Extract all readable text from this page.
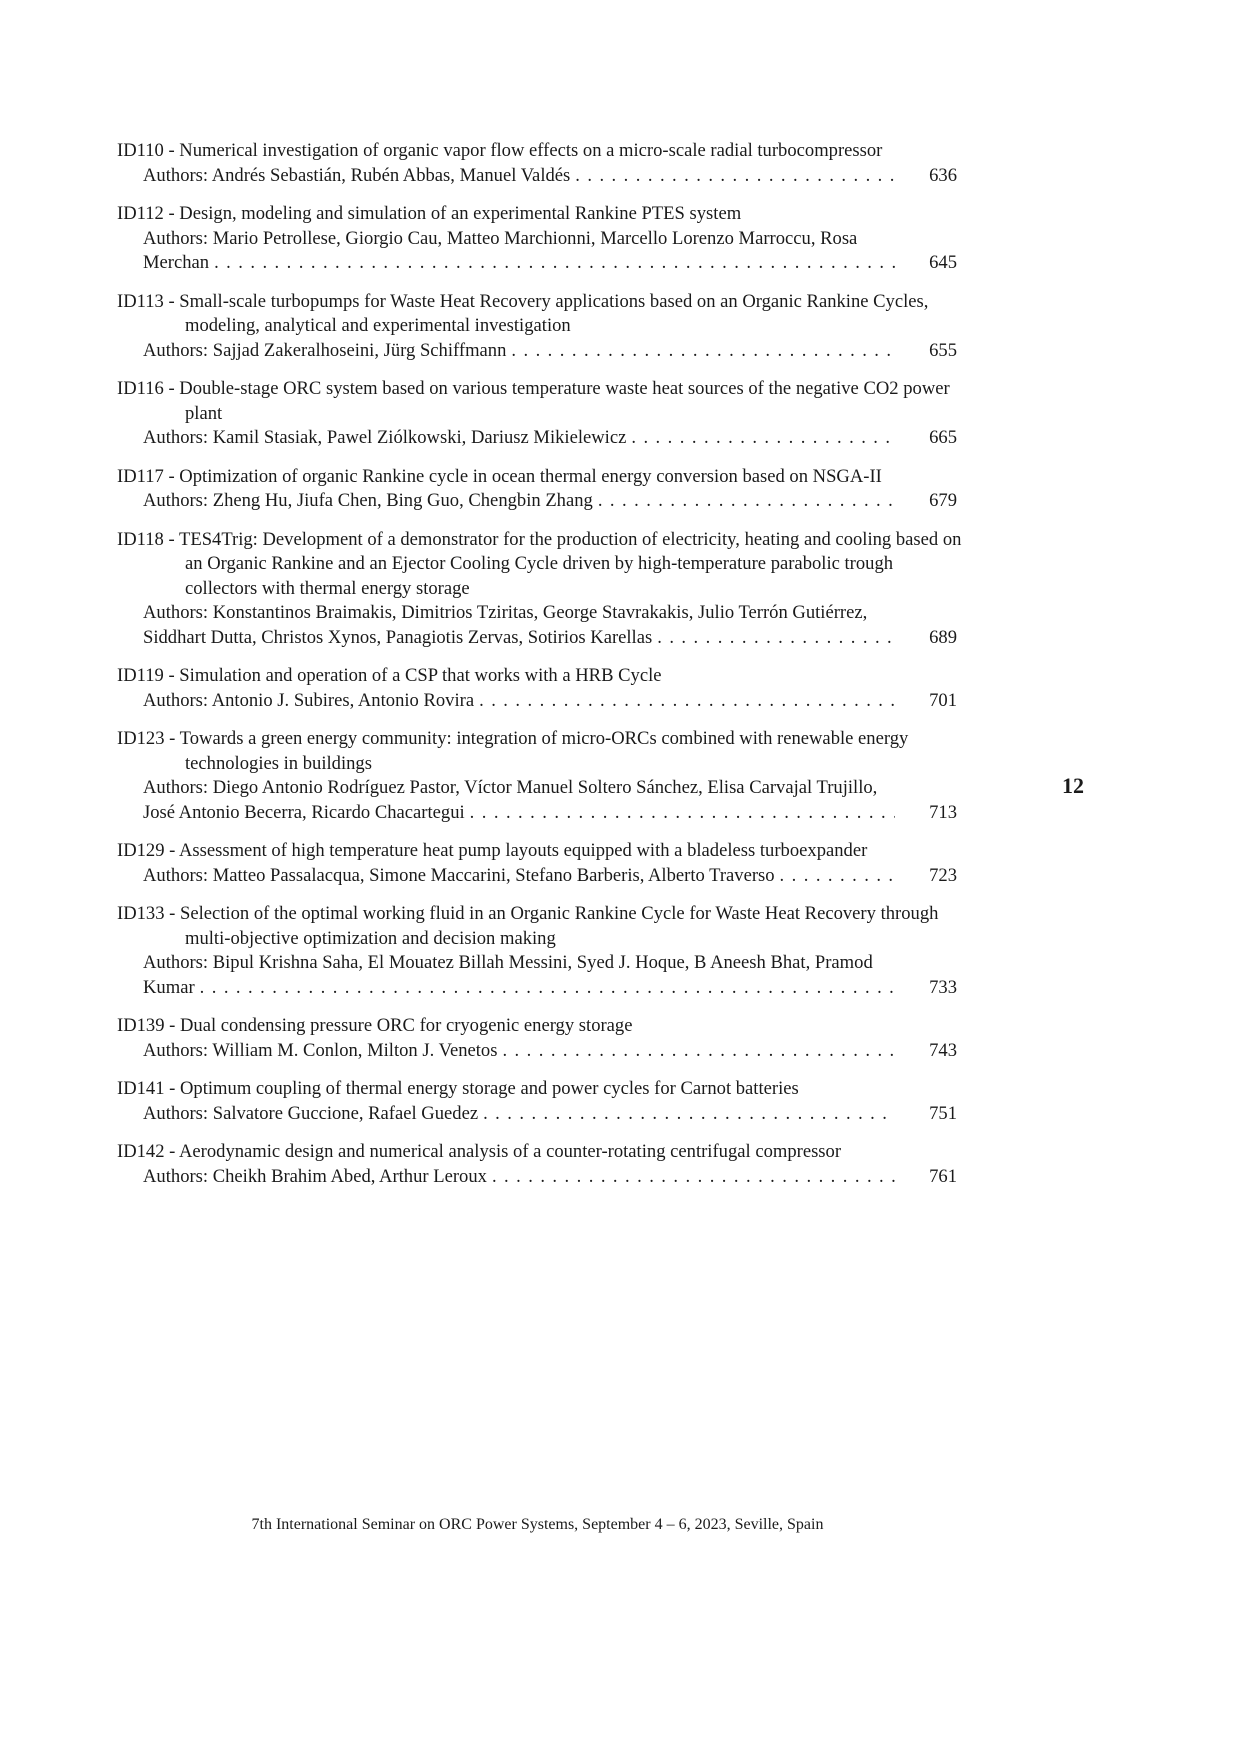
ID110 - Numerical investigation of organic vapor flow effects on a micro-scale radial turbocompressor
Authors: Andrés Sebastián, Rubén Abbas, Manuel Valdés . . .	636
ID112 - Design, modeling and simulation of an experimental Rankine PTES system
Authors: Mario Petrollese, Giorgio Cau, Matteo Marchionni, Marcello Lorenzo Marroccu, Rosa Merchan . . .	645
ID113 - Small-scale turbopumps for Waste Heat Recovery applications based on an Organic Rankine Cycles, modeling, analytical and experimental investigation
Authors: Sajjad Zakeralhoseini, Jürg Schiffmann . . .	655
ID116 - Double-stage ORC system based on various temperature waste heat sources of the negative CO2 power plant
Authors: Kamil Stasiak, Pawel Ziólkowski, Dariusz Mikielewicz . . .	665
ID117 - Optimization of organic Rankine cycle in ocean thermal energy conversion based on NSGA-II
Authors: Zheng Hu, Jiufa Chen, Bing Guo, Chengbin Zhang . . .	679
ID118 - TES4Trig: Development of a demonstrator for the production of electricity, heating and cooling based on an Organic Rankine and an Ejector Cooling Cycle driven by high-temperature parabolic trough collectors with thermal energy storage
Authors: Konstantinos Braimakis, Dimitrios Tziritas, George Stavrakakis, Julio Terrón Gutiérrez, Siddhart Dutta, Christos Xynos, Panagiotis Zervas, Sotirios Karellas . . .	689
ID119 - Simulation and operation of a CSP that works with a HRB Cycle
Authors: Antonio J. Subires, Antonio Rovira . . .	701
ID123 - Towards a green energy community: integration of micro-ORCs combined with renewable energy technologies in buildings
Authors: Diego Antonio Rodríguez Pastor, Víctor Manuel Soltero Sánchez, Elisa Carvajal Trujillo, José Antonio Becerra, Ricardo Chacartegui . . .	713
ID129 - Assessment of high temperature heat pump layouts equipped with a bladeless turboexpander
Authors: Matteo Passalacqua, Simone Maccarini, Stefano Barberis, Alberto Traverso . . .	723
ID133 - Selection of the optimal working fluid in an Organic Rankine Cycle for Waste Heat Recovery through multi-objective optimization and decision making
Authors: Bipul Krishna Saha, El Mouatez Billah Messini, Syed J. Hoque, B Aneesh Bhat, Pramod Kumar . . .	733
ID139 - Dual condensing pressure ORC for cryogenic energy storage
Authors: William M. Conlon, Milton J. Venetos . . .	743
ID141 - Optimum coupling of thermal energy storage and power cycles for Carnot batteries
Authors: Salvatore Guccione, Rafael Guedez . . .	751
ID142 - Aerodynamic design and numerical analysis of a counter-rotating centrifugal compressor
Authors: Cheikh Brahim Abed, Arthur Leroux . . .	761
12
7th International Seminar on ORC Power Systems, September 4 – 6, 2023, Seville, Spain
